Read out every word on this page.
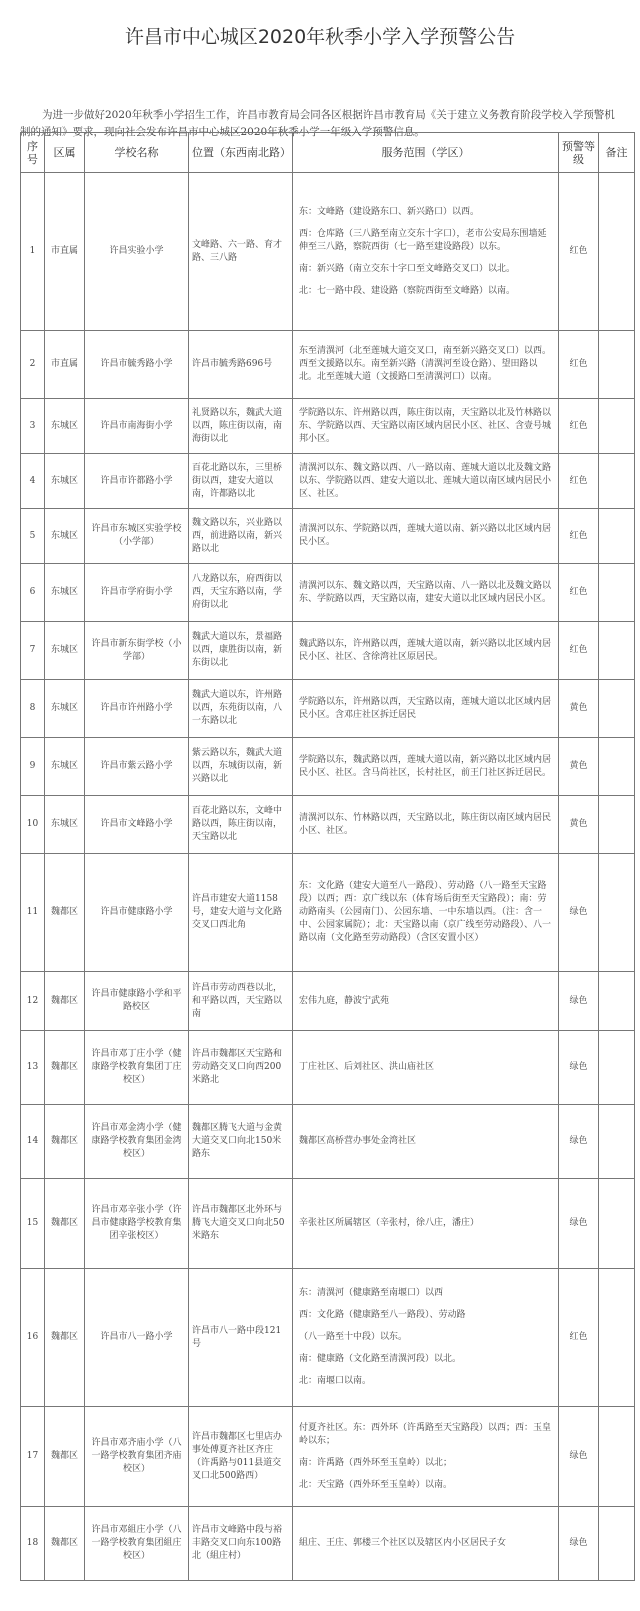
许昌市中心城区2020年秋季小学入学预警公告

为进一步做好2020年秋季小学招生工作，许昌市教育局会同各区根据许昌市教育局《关于建立义务教育阶段学校入学预警机制的通知》要求，现向社会发布许昌市中心城区2020年秋季小学一年级入学预警信息。

序号	区属	学校名称	位置（东西南北路）	服务范围（学区）	预警等级	备注
1	市直属	许昌实验小学	文峰路、六一路、育才路、三八路	东：文峰路（建设路东口、新兴路口）以西。

西：仓库路（三八路至南立交东十字口），老市公安局东围墙延伸至三八路，察院西街（七一路至建设路段）以东。

南：新兴路（南立交东十字口至文峰路交叉口）以北。

北：七一路中段、建设路（察院西街至文峰路）以南。	红色	
2	市直属	许昌市毓秀路小学	许昌市毓秀路696号	东至清潩河（北至莲城大道交叉口，南至新兴路交叉口）以西。西至文援路以东。南至新兴路（清潩河至设仓路）、望田路以北。北至莲城大道（文援路口至清潩河口）以南。	红色	
3	东城区	许昌市南海街小学	礼贤路以东，魏武大道以西，陈庄街以南，南海街以北	学院路以东、许州路以西，陈庄街以南，天宝路以北及竹林路以东、学院路以西、天宝路以南区域内居民小区、社区、含壹号城邦小区。	红色	
4	东城区	许昌市许都路小学	百花北路以东，三里桥街以西，建安大道以南，许都路以北	清潩河以东、魏文路以西、八一路以南、莲城大道以北及魏文路以东、学院路以西、建安大道以北、莲城大道以南区域内居民小区、社区。	红色	
5	东城区	许昌市东城区实验学校（小学部）	魏文路以东，兴业路以西，前进路以南，新兴路以北	清潩河以东、学院路以西，莲城大道以南、新兴路以北区域内居民小区。	红色	
6	东城区	许昌市学府街小学	八龙路以东，府西街以西，天宝东路以南，学府街以北	清潩河以东、魏文路以西，天宝路以南、八一路以北及魏文路以东、学院路以西，天宝路以南，建安大道以北区域内居民小区。	红色	
7	东城区	许昌市新东街学校（小学部）	魏武大道以东，景福路以西，康胜街以南，新东街以北	魏武路以东，许州路以西，莲城大道以南，新兴路以北区域内居民小区、社区、含徐湾社区原居民。	红色	
8	东城区	许昌市许州路小学	魏武大道以东，许州路以西，东苑街以南，八一东路以北	学院路以东，许州路以西，天宝路以南，莲城大道以北区域内居民小区。含邓庄社区拆迁居民	黄色	
9	东城区	许昌市紫云路小学	紫云路以东，魏武大道以西，东城街以南，新兴路以北	学院路以东，魏武路以西，莲城大道以南，新兴路以北区域内居民小区、社区。含马尚社区，长村社区，前王门社区拆迁居民。	黄色	
10	东城区	许昌市文峰路小学	百花北路以东，文峰中路以西，陈庄街以南，天宝路以北	清潩河以东、竹林路以西，天宝路以北，陈庄街以南区域内居民小区、社区。	黄色	
11	魏都区	许昌市健康路小学	许昌市建安大道1158号，建安大道与文化路交叉口西北角	东：文化路（建安大道至八一路段）、劳动路（八一路至天宝路段）以西；西：京广线以东（体育场后街至天宝路段）；南：劳动路南头（公园南门）、公园东墙、一中东墙以西。（注：含一中、公园家属院）；北：天宝路以南（京广线至劳动路段）、八一路以南（文化路至劳动路段）（含区安置小区）	绿色	
12	魏都区	许昌市健康路小学和平路校区	许昌市劳动西巷以北，和平路以西，天宝路以南	宏伟九庭，静波宁武苑	绿色	
13	魏都区	许昌市邓丁庄小学（健康路学校教育集团丁庄校区）	许昌市魏都区天宝路和劳动路交叉口向西200米路北	丁庄社区、后刘社区、洪山庙社区	绿色	
14	魏都区	许昌市邓金湾小学（健康路学校教育集团金湾校区）	魏都区腾飞大道与金黄大道交叉口向北150米路东	魏都区高桥营办事处金湾社区	绿色	
15	魏都区	许昌市邓辛张小学（许昌市健康路学校教育集团辛张校区）	许昌市魏都区北外环与腾飞大道交叉口向北50米路东	辛张社区所属辖区（辛张村，徐八庄，潘庄）	绿色	
16	魏都区	许昌市八一路小学	许昌市八一路中段121号	东：清潩河（健康路至南堰口）以西

西：文化路（健康路至八一路段）、劳动路

（八一路至十中段）以东。

南：健康路（文化路至清潩河段）以北。

北：南堰口以南。	红色	
17	魏都区	许昌市邓齐庙小学（八一路学校教育集团齐庙校区）	许昌市魏都区七里店办事处傅夏齐社区齐庄（许禹路与011县道交叉口北500路西）	付夏齐社区。东：西外环（许禹路至天宝路段）以西；西：玉皇岭以东；

南：许禹路（西外环至玉皇岭）以北；

北：天宝路（西外环至玉皇岭）以南。	绿色	
18	魏都区	许昌市邓組庄小学（八一路学校教育集团組庄校区）	许昌市文峰路中段与裕丰路交叉口向东100路北（組庄村）	組庄、王庄、郭楼三个社区以及辖区内小区居民子女	绿色	
